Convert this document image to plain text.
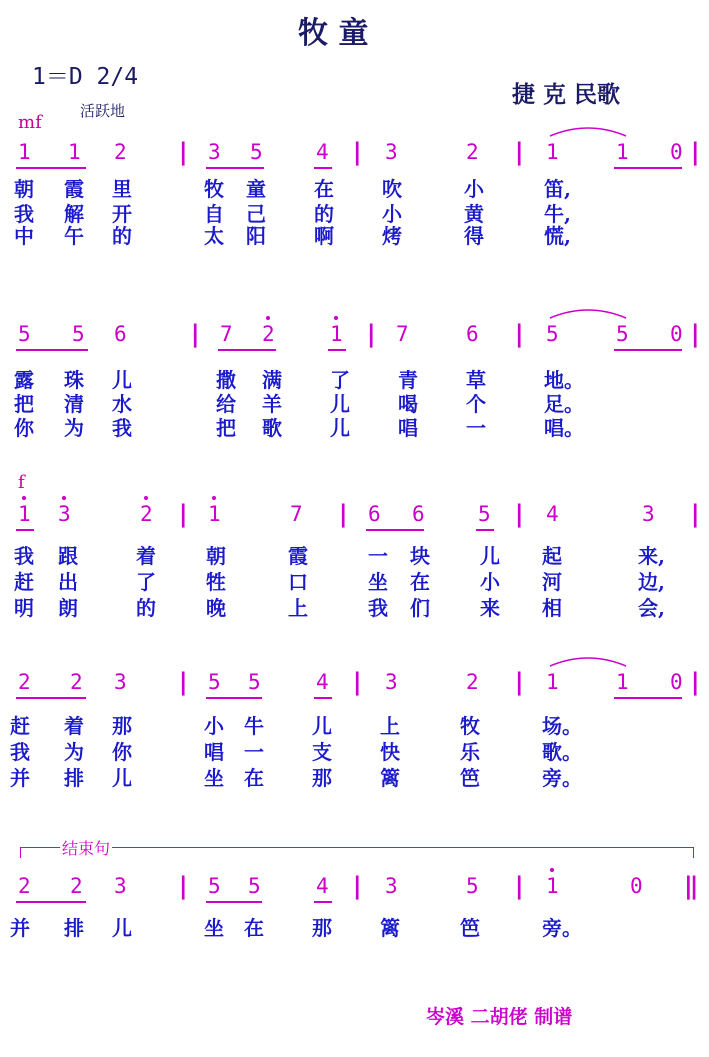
牧 童
1＝D 2/4
活跃地
捷 克 民歌
mf
1 1 2 | 3 5	4 | 3	2 | 1	1 0 |
朝 霞 里	牧 童 在 吹	小	笛,
我 解 开	自 己 的 小	黄	牛,
中 午 的	太 阳 啊 烤	得	慌,
5 5 6	| 7 2	1 | 7	6 | 5	5 0 |
露 珠 儿	撒 满 了 青 草	地。
把 清 水	给 羊 儿 喝 个	足。
你 为 我	把 歌 儿 唱 一	唱。
f
1 3	2 | 1	7 | 6 6	5 | 4	3 |
我 跟	着	朝	霞	一 块	儿 起	来,
赶 出	了	牲	口	坐 在	小 河	边,
明 朗	的	晚	上	我 们	来 相	会,
2 2 3 | 5 5	4 | 3	2 | 1	1 0 |
赶 着 那	小 牛 儿 上	牧	场。
我 为 你	唱 一 支 快	乐	歌。
并 排 儿	坐 在 那 篱	笆	旁。
结束句
2 2 3 | 5 5	4 | 3	5 | 1	0 ‖
并 排 儿	坐 在 那 篱	笆	旁。
岑溪 二胡佬 制谱
